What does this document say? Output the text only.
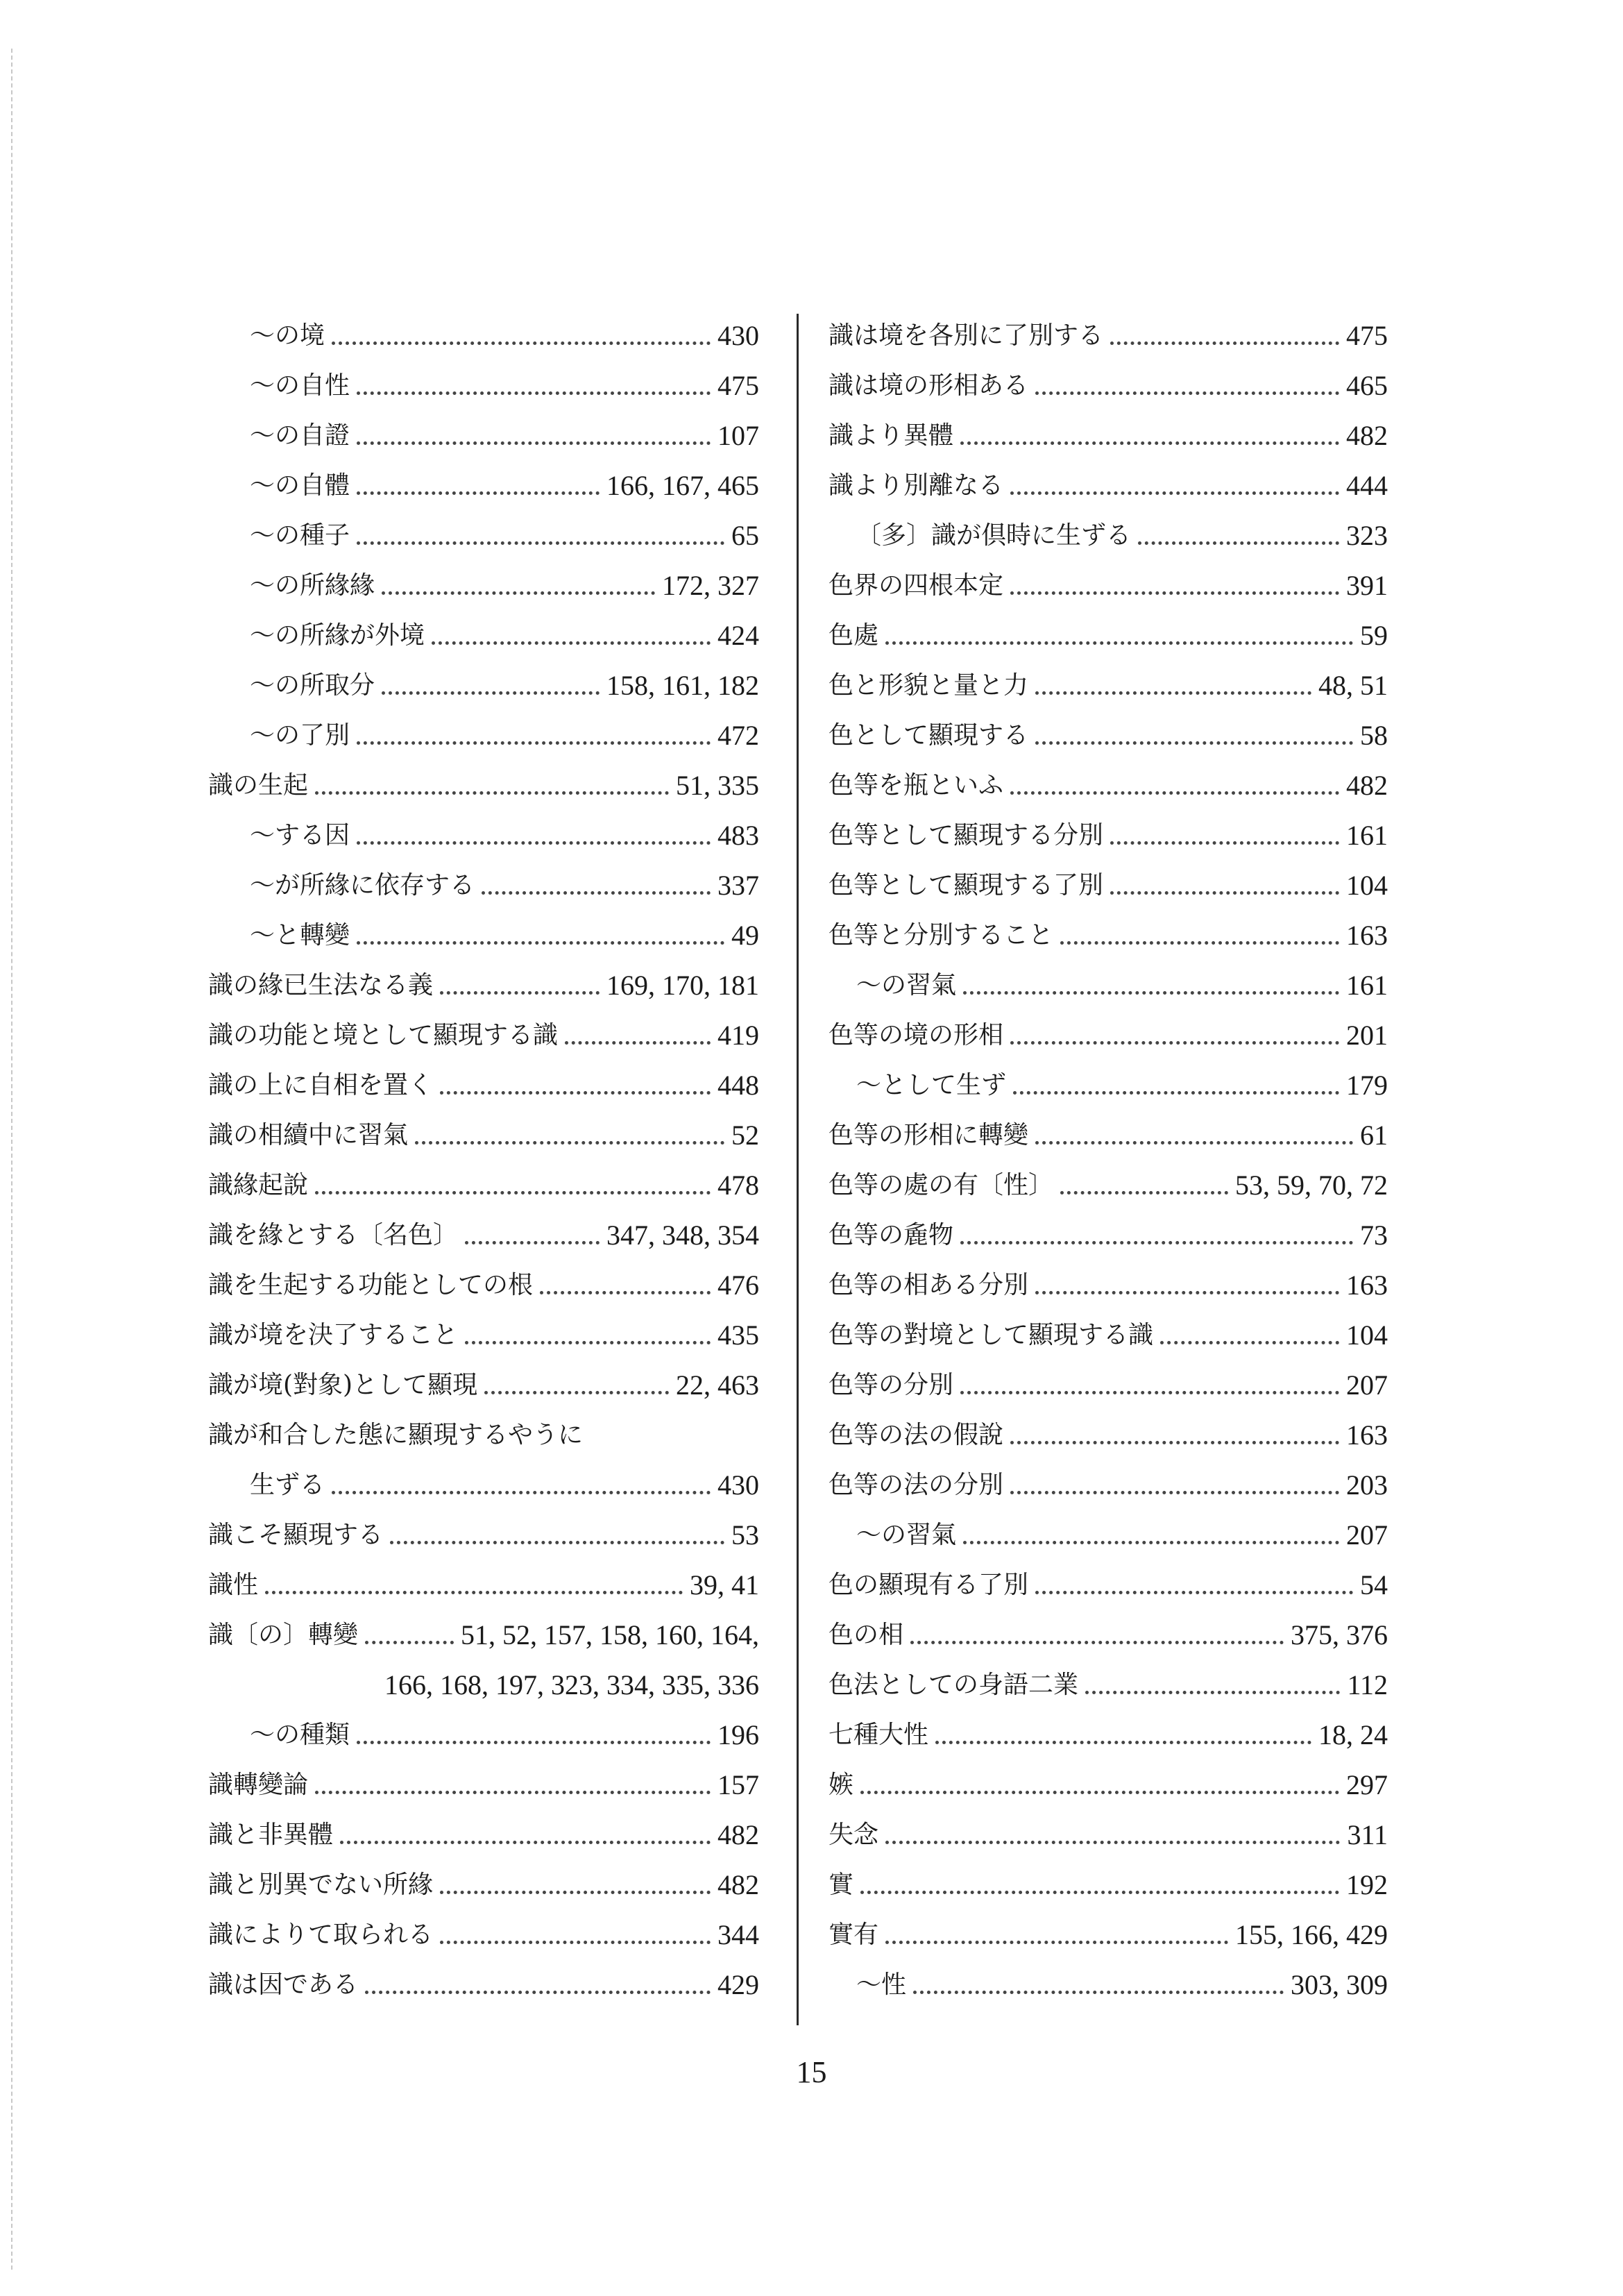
〜の境	430
〜の自性	475
〜の自證	107
〜の自體	166, 167, 465
〜の種子	65
〜の所緣緣	172, 327
〜の所緣が外境	424
〜の所取分	158, 161, 182
〜の了別	472
識の生起	51, 335
〜する因	483
〜が所緣に依存する	337
〜と轉變	49
識の緣已生法なる義	169, 170, 181
識の功能と境として顯現する識	419
識の上に自相を置く	448
識の相續中に習氣	52
識緣起說	478
識を緣とする〔名色〕	347, 348, 354
識を生起する功能としての根	476
識が境を決了すること	435
識が境(對象)として顯現	22, 463
識が和合した態に顯現するやうに
生ずる	430
識こそ顯現する	53
識性	39, 41
識〔の〕轉變	51, 52, 157, 158, 160, 164,
166, 168, 197, 323, 334, 335, 336
〜の種類	196
識轉變論	157
識と非異體	482
識と別異でない所緣	482
識によりて取られる	344
識は因である	429
識は境を各別に了別する	475
識は境の形相ある	465
識より異體	482
識より別離なる	444
〔多〕識が倶時に生ずる	323
色界の四根本定	391
色處	59
色と形貌と量と力	48, 51
色として顯現する	58
色等を瓶といふ	482
色等として顯現する分別	161
色等として顯現する了別	104
色等と分別すること	163
〜の習氣	161
色等の境の形相	201
〜として生ず	179
色等の形相に轉變	61
色等の處の有〔性〕	53, 59, 70, 72
色等の麁物	73
色等の相ある分別	163
色等の對境として顯現する識	104
色等の分別	207
色等の法の假說	163
色等の法の分別	203
〜の習氣	207
色の顯現有る了別	54
色の相	375, 376
色法としての身語二業	112
七種大性	18, 24
嫉	297
失念	311
實	192
實有	155, 166, 429
〜性	303, 309
15
